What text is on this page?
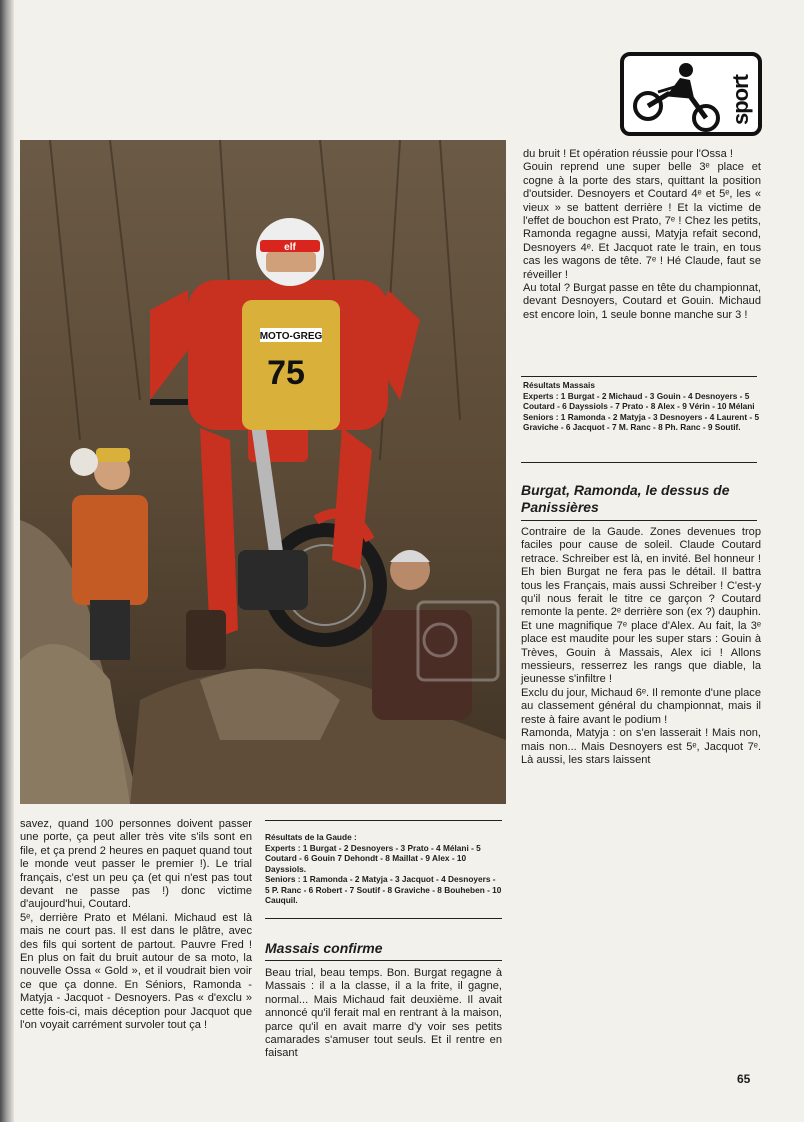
sport
MOTO-GREG
75
elf

du bruit ! Et opération réussie pour l'Ossa !

Gouin reprend une super belle 3ᵉ place et cogne à la porte des stars, quittant la position d'outsider. Desnoyers et Coutard 4ᵉ et 5ᵉ, les « vieux » se battent derrière ! Et la victime de l'effet de bouchon est Prato, 7ᵉ ! Chez les petits, Ramonda regagne aussi, Matyja refait second, Desnoyers 4ᵉ. Et Jacquot rate le train, en tous cas les wagons de tête. 7ᵉ ! Hé Claude, faut se réveiller !

Au total ? Burgat passe en tête du championnat, devant Desnoyers, Coutard et Gouin. Michaud est encore loin, 1 seule bonne manche sur 3 !

Résultats Massais

Experts : 1 Burgat - 2 Michaud - 3 Gouin - 4 Desnoyers - 5 Coutard - 6 Dayssiols - 7 Prato - 8 Alex - 9 Vérin - 10 Mélani

Seniors : 1 Ramonda - 2 Matyja - 3 Desnoyers - 4 Laurent - 5 Graviche - 6 Jacquot - 7 M. Ranc - 8 Ph. Ranc - 9 Soutif.

Burgat, Ramonda, le dessus de Panissières

Contraire de la Gaude. Zones devenues trop faciles pour cause de soleil. Claude Coutard retrace. Schreiber est là, en invité. Bel honneur ! Eh bien Burgat ne fera pas le détail. Il battra tous les Français, mais aussi Schreiber ! C'est-y qu'il nous ferait le titre ce garçon ? Coutard remonte la pente. 2ᵉ derrière son (ex ?) dauphin. Et une magnifique 7ᵉ place d'Alex. Au fait, la 3ᵉ place est maudite pour les super stars : Gouin à Trèves, Gouin à Massais, Alex ici ! Allons messieurs, resserrez les rangs que diable, la jeunesse s'infiltre !

Exclu du jour, Michaud 6ᵉ. Il remonte d'une place au classement général du championnat, mais il reste à faire avant le podium !

Ramonda, Matyja : on s'en lasserait ! Mais non, mais non... Mais Desnoyers est 5ᵉ, Jacquot 7ᵉ. Là aussi, les stars laissent

savez, quand 100 personnes doivent passer une porte, ça peut aller très vite s'ils sont en file, et ça prend 2 heures en paquet quand tout le monde veut passer le premier !). Le trial français, c'est un peu ça (et qui n'est pas tout devant ne passe pas !) donc victime d'aujourd'hui, Coutard.

5ᵉ, derrière Prato et Mélani. Michaud est là mais ne court pas. Il est dans le plâtre, avec des fils qui sortent de partout. Pauvre Fred ! En plus on fait du bruit autour de sa moto, la nouvelle Ossa « Gold », et il voudrait bien voir ce que ça donne. En Séniors, Ramonda - Matyja - Jacquot - Desnoyers. Pas « d'exclu » cette fois-ci, mais déception pour Jacquot que l'on voyait carrément survoler tout ça !

Résultats de la Gaude :

Experts : 1 Burgat - 2 Desnoyers - 3 Prato - 4 Mélani - 5 Coutard - 6 Gouin 7 Dehondt - 8 Maillat - 9 Alex - 10 Dayssiols.

Seniors : 1 Ramonda - 2 Matyja - 3 Jacquot - 4 Desnoyers - 5 P. Ranc - 6 Robert - 7 Soutif - 8 Graviche - 8 Bouheben - 10 Cauquil.

Massais confirme

Beau trial, beau temps. Bon. Burgat regagne à Massais : il a la classe, il a la frite, il gagne, normal... Mais Michaud fait deuxième. Il avait annoncé qu'il ferait mal en rentrant à la maison, parce qu'il en avait marre d'y voir ses petits camarades s'amuser tout seuls. Et il rentre en faisant

65
